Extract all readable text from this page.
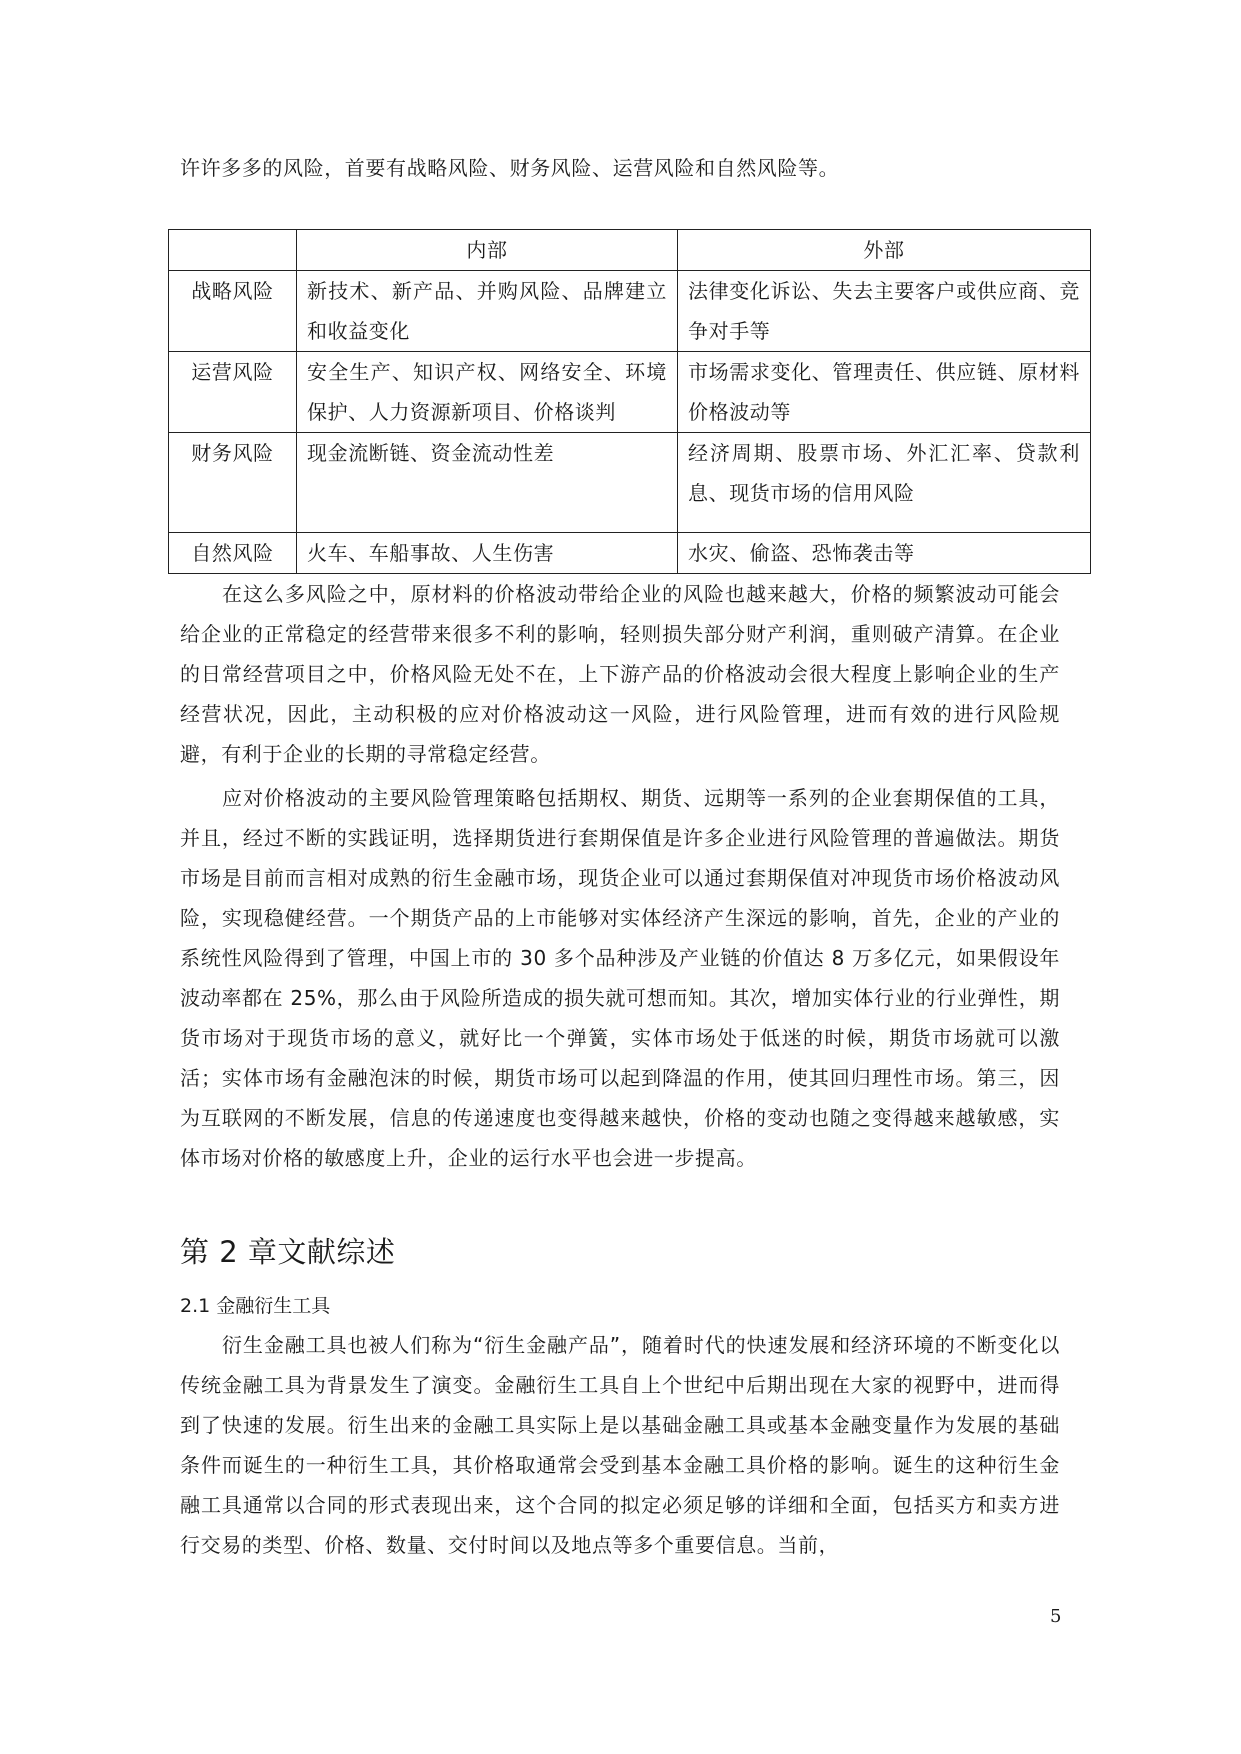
许许多多的风险，首要有战略风险、财务风险、运营风险和自然风险等。

	内部	外部
战略风险	新技术、新产品、并购风险、品牌建立和收益变化	法律变化诉讼、失去主要客户或供应商、竞争对手等
运营风险	安全生产、知识产权、网络安全、环境保护、人力资源新项目、价格谈判	市场需求变化、管理责任、供应链、原材料价格波动等
财务风险	现金流断链、资金流动性差	经济周期、股票市场、外汇汇率、贷款利息、现货市场的信用风险
自然风险	火车、车船事故、人生伤害	水灾、偷盗、恐怖袭击等

在这么多风险之中，原材料的价格波动带给企业的风险也越来越大，价格的频繁波动可能会给企业的正常稳定的经营带来很多不利的影响，轻则损失部分财产利润，重则破产清算。在企业的日常经营项目之中，价格风险无处不在，上下游产品的价格波动会很大程度上影响企业的生产经营状况，因此，主动积极的应对价格波动这一风险，进行风险管理，进而有效的进行风险规避，有利于企业的长期的寻常稳定经营。

应对价格波动的主要风险管理策略包括期权、期货、远期等一系列的企业套期保值的工具，并且，经过不断的实践证明，选择期货进行套期保值是许多企业进行风险管理的普遍做法。期货市场是目前而言相对成熟的衍生金融市场，现货企业可以通过套期保值对冲现货市场价格波动风险，实现稳健经营。一个期货产品的上市能够对实体经济产生深远的影响，首先，企业的产业的系统性风险得到了管理，中国上市的 30 多个品种涉及产业链的价值达 8 万多亿元，如果假设年波动率都在 25%，那么由于风险所造成的损失就可想而知。其次，增加实体行业的行业弹性，期货市场对于现货市场的意义，就好比一个弹簧，实体市场处于低迷的时候，期货市场就可以激活；实体市场有金融泡沫的时候，期货市场可以起到降温的作用，使其回归理性市场。第三，因为互联网的不断发展，信息的传递速度也变得越来越快，价格的变动也随之变得越来越敏感，实体市场对价格的敏感度上升，企业的运行水平也会进一步提高。

第 2 章文献综述
2.1 金融衍生工具

衍生金融工具也被人们称为“衍生金融产品”，随着时代的快速发展和经济环境的不断变化以传统金融工具为背景发生了演变。金融衍生工具自上个世纪中后期出现在大家的视野中，进而得到了快速的发展。衍生出来的金融工具实际上是以基础金融工具或基本金融变量作为发展的基础条件而诞生的一种衍生工具，其价格取通常会受到基本金融工具价格的影响。诞生的这种衍生金融工具通常以合同的形式表现出来，这个合同的拟定必须足够的详细和全面，包括买方和卖方进行交易的类型、价格、数量、交付时间以及地点等多个重要信息。当前，

5
